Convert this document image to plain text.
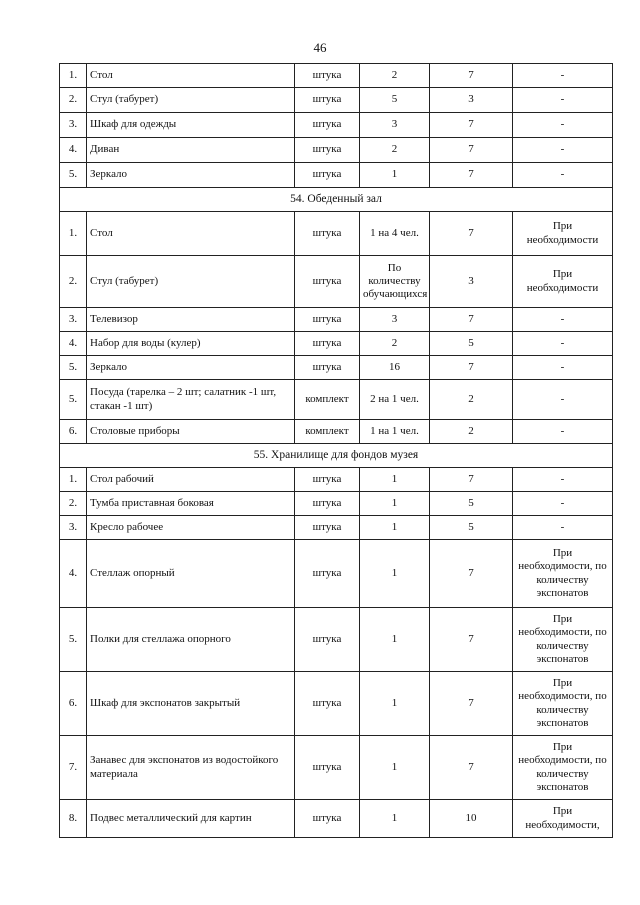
46
1.	Стол	штука	2	7	-
2.	Стул (табурет)	штука	5	3	-
3.	Шкаф для одежды	штука	3	7	-
4.	Диван	штука	2	7	-
5.	Зеркало	штука	1	7	-
54. Обеденный зал					
1.	Стол	штука	1 на 4 чел.	7	При необходимости
2.	Стул (табурет)	штука	По количеству обучающихся	3	При необходимости
3.	Телевизор	штука	3	7	-
4.	Набор для воды (кулер)	штука	2	5	-
5.	Зеркало	штука	16	7	-
5.	Посуда (тарелка – 2 шт; салатник -1 шт, стакан -1 шт)	комплект	2 на 1 чел.	2	-
6.	Столовые приборы	комплект	1 на 1 чел.	2	-
55. Хранилище для фондов музея					
1.	Стол рабочий	штука	1	7	-
2.	Тумба приставная боковая	штука	1	5	-
3.	Кресло рабочее	штука	1	5	-
4.	Стеллаж опорный	штука	1	7	При необходимости, по количеству экспонатов
5.	Полки для стеллажа опорного	штука	1	7	При необходимости, по количеству экспонатов
6.	Шкаф для экспонатов закрытый	штука	1	7	При необходимости, по количеству экспонатов
7.	Занавес для экспонатов из водостойкого материала	штука	1	7	При необходимости, по количеству экспонатов
8.	Подвес металлический для картин	штука	1	10	При необходимости,
